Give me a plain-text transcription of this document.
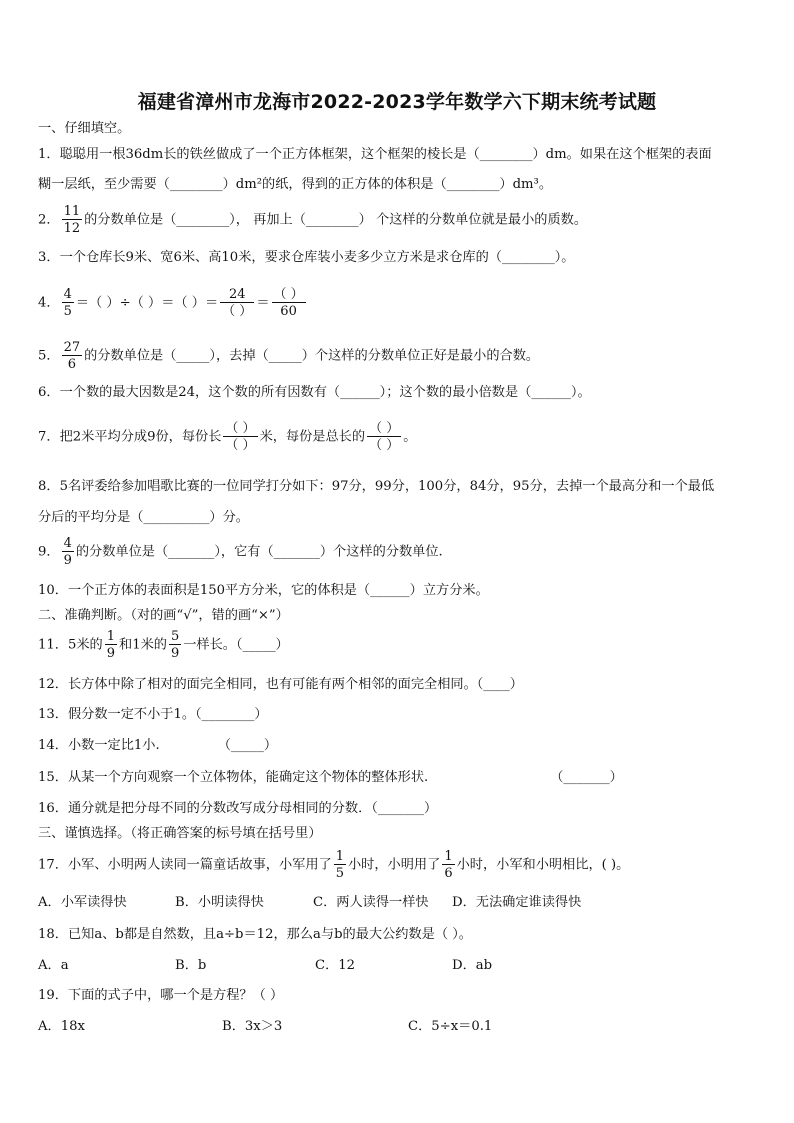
福建省漳州市龙海市2022-2023学年数学六下期末统考试题
一、仔细填空。
1．聪聪用一根36dm长的铁丝做成了一个正方体框架，这个框架的棱长是（________）dm。如果在这个框架的表面
糊一层纸，至少需要（________）dm²的纸，得到的正方体的体积是（________）dm³。
2． $\frac{11}{12}$ 的分数单位是（________）， 再加上（________） 个这样的分数单位就是最小的质数。
3．一个仓库长9米、宽6米、高10米，要求仓库装小麦多少立方米是求仓库的（________）。
4． $\frac{4}{5}$ ＝（ ）÷（ ）＝（ ）＝ $\frac{24}{( )} = \frac{( )}{60}$
5． $\frac{27}{6}$ 的分数单位是（_____），去掉（_____）个这样的分数单位正好是最小的合数。
6．一个数的最大因数是24，这个数的所有因数有（______）；这个数的最小倍数是（______）。
7．把2米平均分成9份，每份长 $\frac{( )}{( )}$ 米，每份是总长的 $\frac{( )}{( )}$ 。
8．5名评委给参加唱歌比赛的一位同学打分如下：97分，99分，100分，84分，95分，去掉一个最高分和一个最低
分后的平均分是（__________）分。
9． $\frac{4}{9}$ 的分数单位是（_______），它有（_______）个这样的分数单位.
10．一个正方体的表面积是150平方分米，它的体积是（______）立方分米。
二、准确判断。（对的画“√”，错的画“×”）
11．5米的 $\frac{1}{9}$ 和1米的 $\frac{5}{9}$ 一样长。（_____）
12．长方体中除了相对的面完全相同，也有可能有两个相邻的面完全相同。（____）
13．假分数一定不小于1。（________）
14．小数一定比1小.	（_____）
15．从某一个方向观察一个立体物体，能确定这个物体的整体形状.	（_______）
16．通分就是把分母不同的分数改写成分母相同的分数．（_______）
三、谨慎选择。（将正确答案的标号填在括号里）
17．小军、小明两人读同一篇童话故事，小军用了 $\frac{1}{5}$ 小时，小明用了 $\frac{1}{6}$ 小时，小军和小明相比，( )。
A．小军读得快	B．小明读得快	C．两人读得一样快 D．无法确定谁读得快
18．已知a、b都是自然数，且a÷b＝12，那么a与b的最大公约数是（ ）。
A．a	B．b	C．12	D．ab
19．下面的式子中，哪一个是方程？（ ）
A．18x	B．3x＞3	C．5÷x＝0.1
